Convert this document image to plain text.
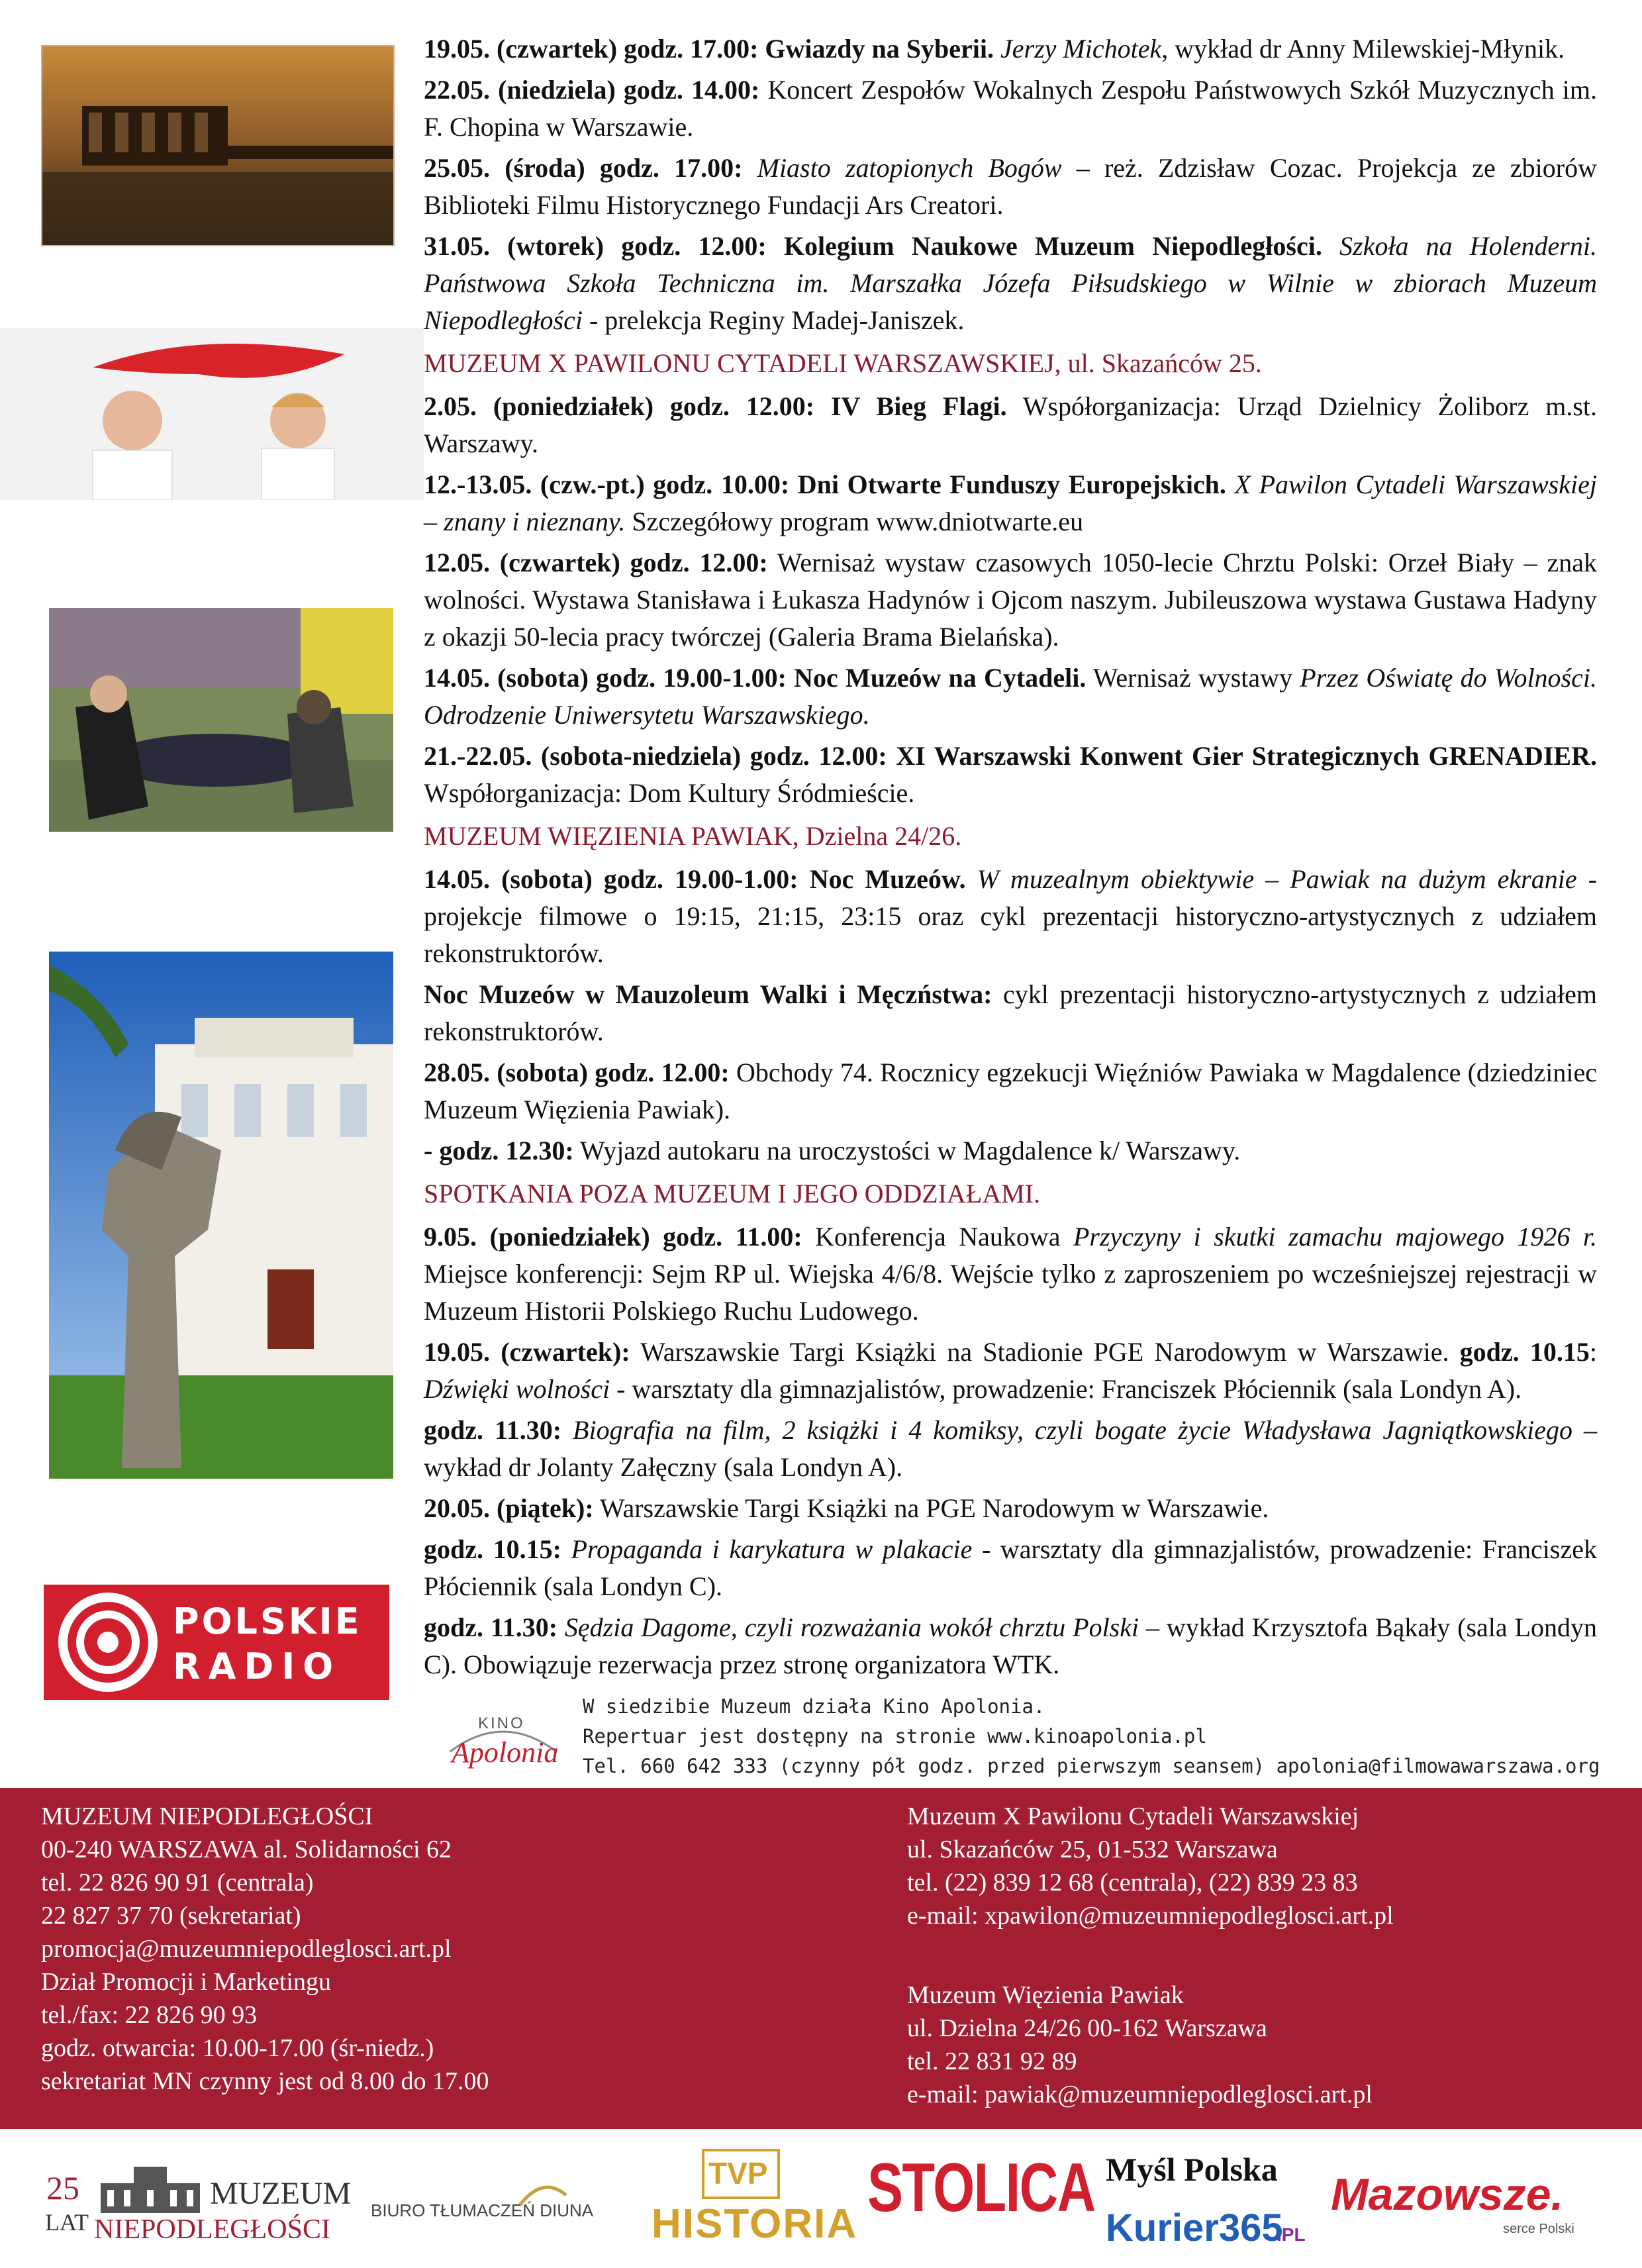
POLSKIE
RADIO
19.05. (czwartek) godz. 17.00: Gwiazdy na Syberii. Jerzy Michotek, wykład dr Anny Milewskiej-Młynik.
22.05. (niedziela) godz. 14.00: Koncert Zespołów Wokalnych Zespołu Państwowych Szkół Muzycznych im. F. Chopina w Warszawie.
25.05. (środa) godz. 17.00: Miasto zatopionych Bogów – reż. Zdzisław Cozac. Projekcja ze zbiorów Biblioteki Filmu Historycznego Fundacji Ars Creatori.
31.05. (wtorek) godz. 12.00: Kolegium Naukowe Muzeum Niepodległości. Szkoła na Holenderni. Państwowa Szkoła Techniczna im. Marszałka Józefa Piłsudskiego w Wilnie w zbiorach Muzeum Niepodległości - prelekcja Reginy Madej-Janiszek.
MUZEUM X PAWILONU CYTADELI WARSZAWSKIEJ, ul. Skazańców 25.
2.05. (poniedziałek) godz. 12.00: IV Bieg Flagi. Współorganizacja: Urząd Dzielnicy Żoliborz m.st. Warszawy.
12.-13.05. (czw.-pt.) godz. 10.00: Dni Otwarte Funduszy Europejskich. X Pawilon Cytadeli Warszawskiej – znany i nieznany. Szczegółowy program www.dniotwarte.eu
12.05. (czwartek) godz. 12.00: Wernisaż wystaw czasowych 1050-lecie Chrztu Polski: Orzeł Biały – znak wolności. Wystawa Stanisława i Łukasza Hadynów i Ojcom naszym. Jubileuszowa wystawa Gustawa Hadyny z okazji 50-lecia pracy twórczej (Galeria Brama Bielańska).
14.05. (sobota) godz. 19.00-1.00: Noc Muzeów na Cytadeli. Wernisaż wystawy Przez Oświatę do Wolności. Odrodzenie Uniwersytetu Warszawskiego.
21.-22.05. (sobota-niedziela) godz. 12.00: XI Warszawski Konwent Gier Strategicznych GRENADIER. Współorganizacja: Dom Kultury Śródmieście.
MUZEUM WIĘZIENIA PAWIAK, Dzielna 24/26.
14.05. (sobota) godz. 19.00-1.00: Noc Muzeów. W muzealnym obiektywie – Pawiak na dużym ekranie - projekcje filmowe o 19:15, 21:15, 23:15 oraz cykl prezentacji historyczno-artystycznych z udziałem rekonstruktorów.
Noc Muzeów w Mauzoleum Walki i Męczństwa: cykl prezentacji historyczno-artystycznych z udziałem rekonstruktorów.
28.05. (sobota) godz. 12.00: Obchody 74. Rocznicy egzekucji Więźniów Pawiaka w Magdalence (dziedziniec Muzeum Więzienia Pawiak).
- godz. 12.30: Wyjazd autokaru na uroczystości w Magdalence k/ Warszawy.
SPOTKANIA POZA MUZEUM I JEGO ODDZIAŁAMI.
9.05. (poniedziałek) godz. 11.00: Konferencja Naukowa Przyczyny i skutki zamachu majowego 1926 r. Miejsce konferencji: Sejm RP ul. Wiejska 4/6/8. Wejście tylko z zaproszeniem po wcześniejszej rejestracji w Muzeum Historii Polskiego Ruchu Ludowego.
19.05. (czwartek): Warszawskie Targi Książki na Stadionie PGE Narodowym w Warszawie. godz. 10.15: Dźwięki wolności - warsztaty dla gimnazjalistów, prowadzenie: Franciszek Płóciennik (sala Londyn A).
godz. 11.30: Biografia na film, 2 książki i 4 komiksy, czyli bogate życie Władysława Jagniątkowskiego – wykład dr Jolanty Załęczny (sala Londyn A).
20.05. (piątek): Warszawskie Targi Książki na PGE Narodowym w Warszawie.
godz. 10.15: Propaganda i karykatura w plakacie - warsztaty dla gimnazjalistów, prowadzenie: Franciszek Płóciennik (sala Londyn C).
godz. 11.30: Sędzia Dagome, czyli rozważania wokół chrztu Polski – wykład Krzysztofa Bąkały (sala Londyn C). Obowiązuje rezerwacja przez stronę organizatora WTK.
KINO
Apolonia
W siedzibie Muzeum działa Kino Apolonia.
Repertuar jest dostępny na stronie www.kinoapolonia.pl
Tel. 660 642 333 (czynny pół godz. przed pierwszym seansem) apolonia@filmowawarszawa.org
MUZEUM NIEPODLEGŁOŚCI
00-240 WARSZAWA al. Solidarności 62
tel. 22 826 90 91 (centrala)
22 827 37 70 (sekretariat)
promocja@muzeumniepodleglosci.art.pl
Dział Promocji i Marketingu
tel./fax: 22 826 90 93
godz. otwarcia: 10.00-17.00 (śr-niedz.)
sekretariat MN czynny jest od 8.00 do 17.00
Muzeum X Pawilonu Cytadeli Warszawskiej
ul. Skazańców 25, 01-532 Warszawa
tel. (22) 839 12 68 (centrala), (22) 839 23 83
e-mail: xpawilon@muzeumniepodleglosci.art.pl
Muzeum Więzienia Pawiak
ul. Dzielna 24/26 00-162 Warszawa
tel. 22 831 92 89
e-mail: pawiak@muzeumniepodleglosci.art.pl
25
LAT
MUZEUM
NIEPODLEGŁOŚCI
BIURO TŁUMACZEŃ DIUNA
TVP
HISTORIA STOLICA Myśl Polska
Kurier365
.PL
Mazowsze.
serce Polski
